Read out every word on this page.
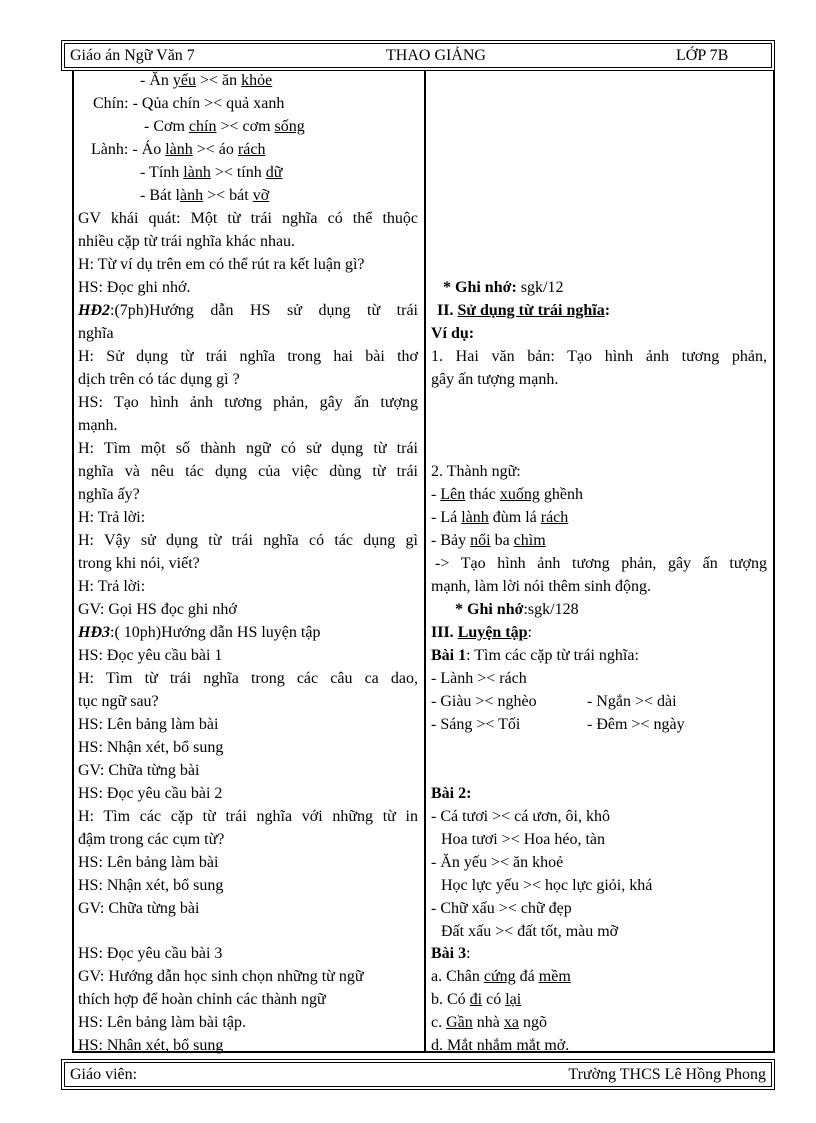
Giáo án Ngữ Văn 7	THAO GIẢNG	LỚP 7B
- Ăn yếu >< ăn khỏe
Chín: - Qủa chín >< quả xanh
- Cơm chín >< cơm sống
Lành: - Áo lành >< áo rách
- Tính lành >< tính dữ
- Bát lành >< bát vỡ
GV khái quát: Một từ trái nghĩa có thể thuộc
nhiều cặp từ trái nghĩa khác nhau.
H: Từ ví dụ trên em có thể rút ra kết luận gì?
HS: Đọc ghi nhớ.
HĐ2:(7ph)Hướng dẫn HS sử dụng từ trái
nghĩa
H: Sử dụng từ trái nghĩa trong hai bài thơ
dịch trên có tác dụng gì ?
HS: Tạo hình ảnh tương phản, gây ấn tượng
mạnh.
H: Tìm một số thành ngữ có sử dụng từ trái
nghĩa và nêu tác dụng của việc dùng từ trái
nghĩa ấy?
H: Trả lời:
H: Vậy sử dụng từ trái nghĩa có tác dụng gì
trong khi nói, viết?
H: Trả lời:
GV: Gọi HS đọc ghi nhớ
HĐ3:( 10ph)Hướng dẫn HS luyện tập
HS: Đọc yêu cầu bài 1
H: Tìm từ trái nghĩa trong các câu ca dao,
tục ngữ sau?
HS: Lên bảng làm bài
HS: Nhận xét, bổ sung
GV: Chữa từng bài
HS: Đọc yêu cầu bài 2
H: Tìm các cặp từ trái nghĩa với những từ in
đậm trong các cụm từ?
HS: Lên bảng làm bài
HS: Nhận xét, bổ sung
GV: Chữa từng bài
HS: Đọc yêu cầu bài 3
GV: Hướng dẫn học sinh chọn những từ ngữ
thích hợp để hoàn chỉnh các thành ngữ
HS: Lên bảng làm bài tập.
HS: Nhận xét, bổ sung
* Ghi nhớ: sgk/12
II. Sử dụng từ trái nghĩa:
Ví dụ:
1. Hai văn bản: Tạo hình ảnh tương phản,
gây ấn tượng mạnh.
2. Thành ngữ:
- Lên thác xuống ghềnh
- Lá lành đùm lá rách
- Bảy nổi ba chìm
-> Tạo hình ảnh tương phản, gây ấn tượng
mạnh, làm lời nói thêm sinh động.
* Ghi nhớ:sgk/128
III. Luyện tập:
Bài 1: Tìm các cặp từ trái nghĩa:
- Lành >< rách
- Giàu >< nghèo	- Ngắn >< dài
- Sáng >< Tối	- Đêm >< ngày
Bài 2:
- Cá tươi >< cá ươn, ôi, khô
Hoa tươi >< Hoa héo, tàn
- Ăn yếu >< ăn khoẻ
Học lực yếu >< học lực giỏi, khá
- Chữ xấu >< chữ đẹp
Đất xấu >< đất tốt, màu mỡ
Bài 3:
a. Chân cứng đá mềm
b. Có đi có lại
c. Gần nhà xa ngõ
d. Mắt nhắm mắt mở.
Giáo viên:	Trường THCS Lê Hồng Phong
